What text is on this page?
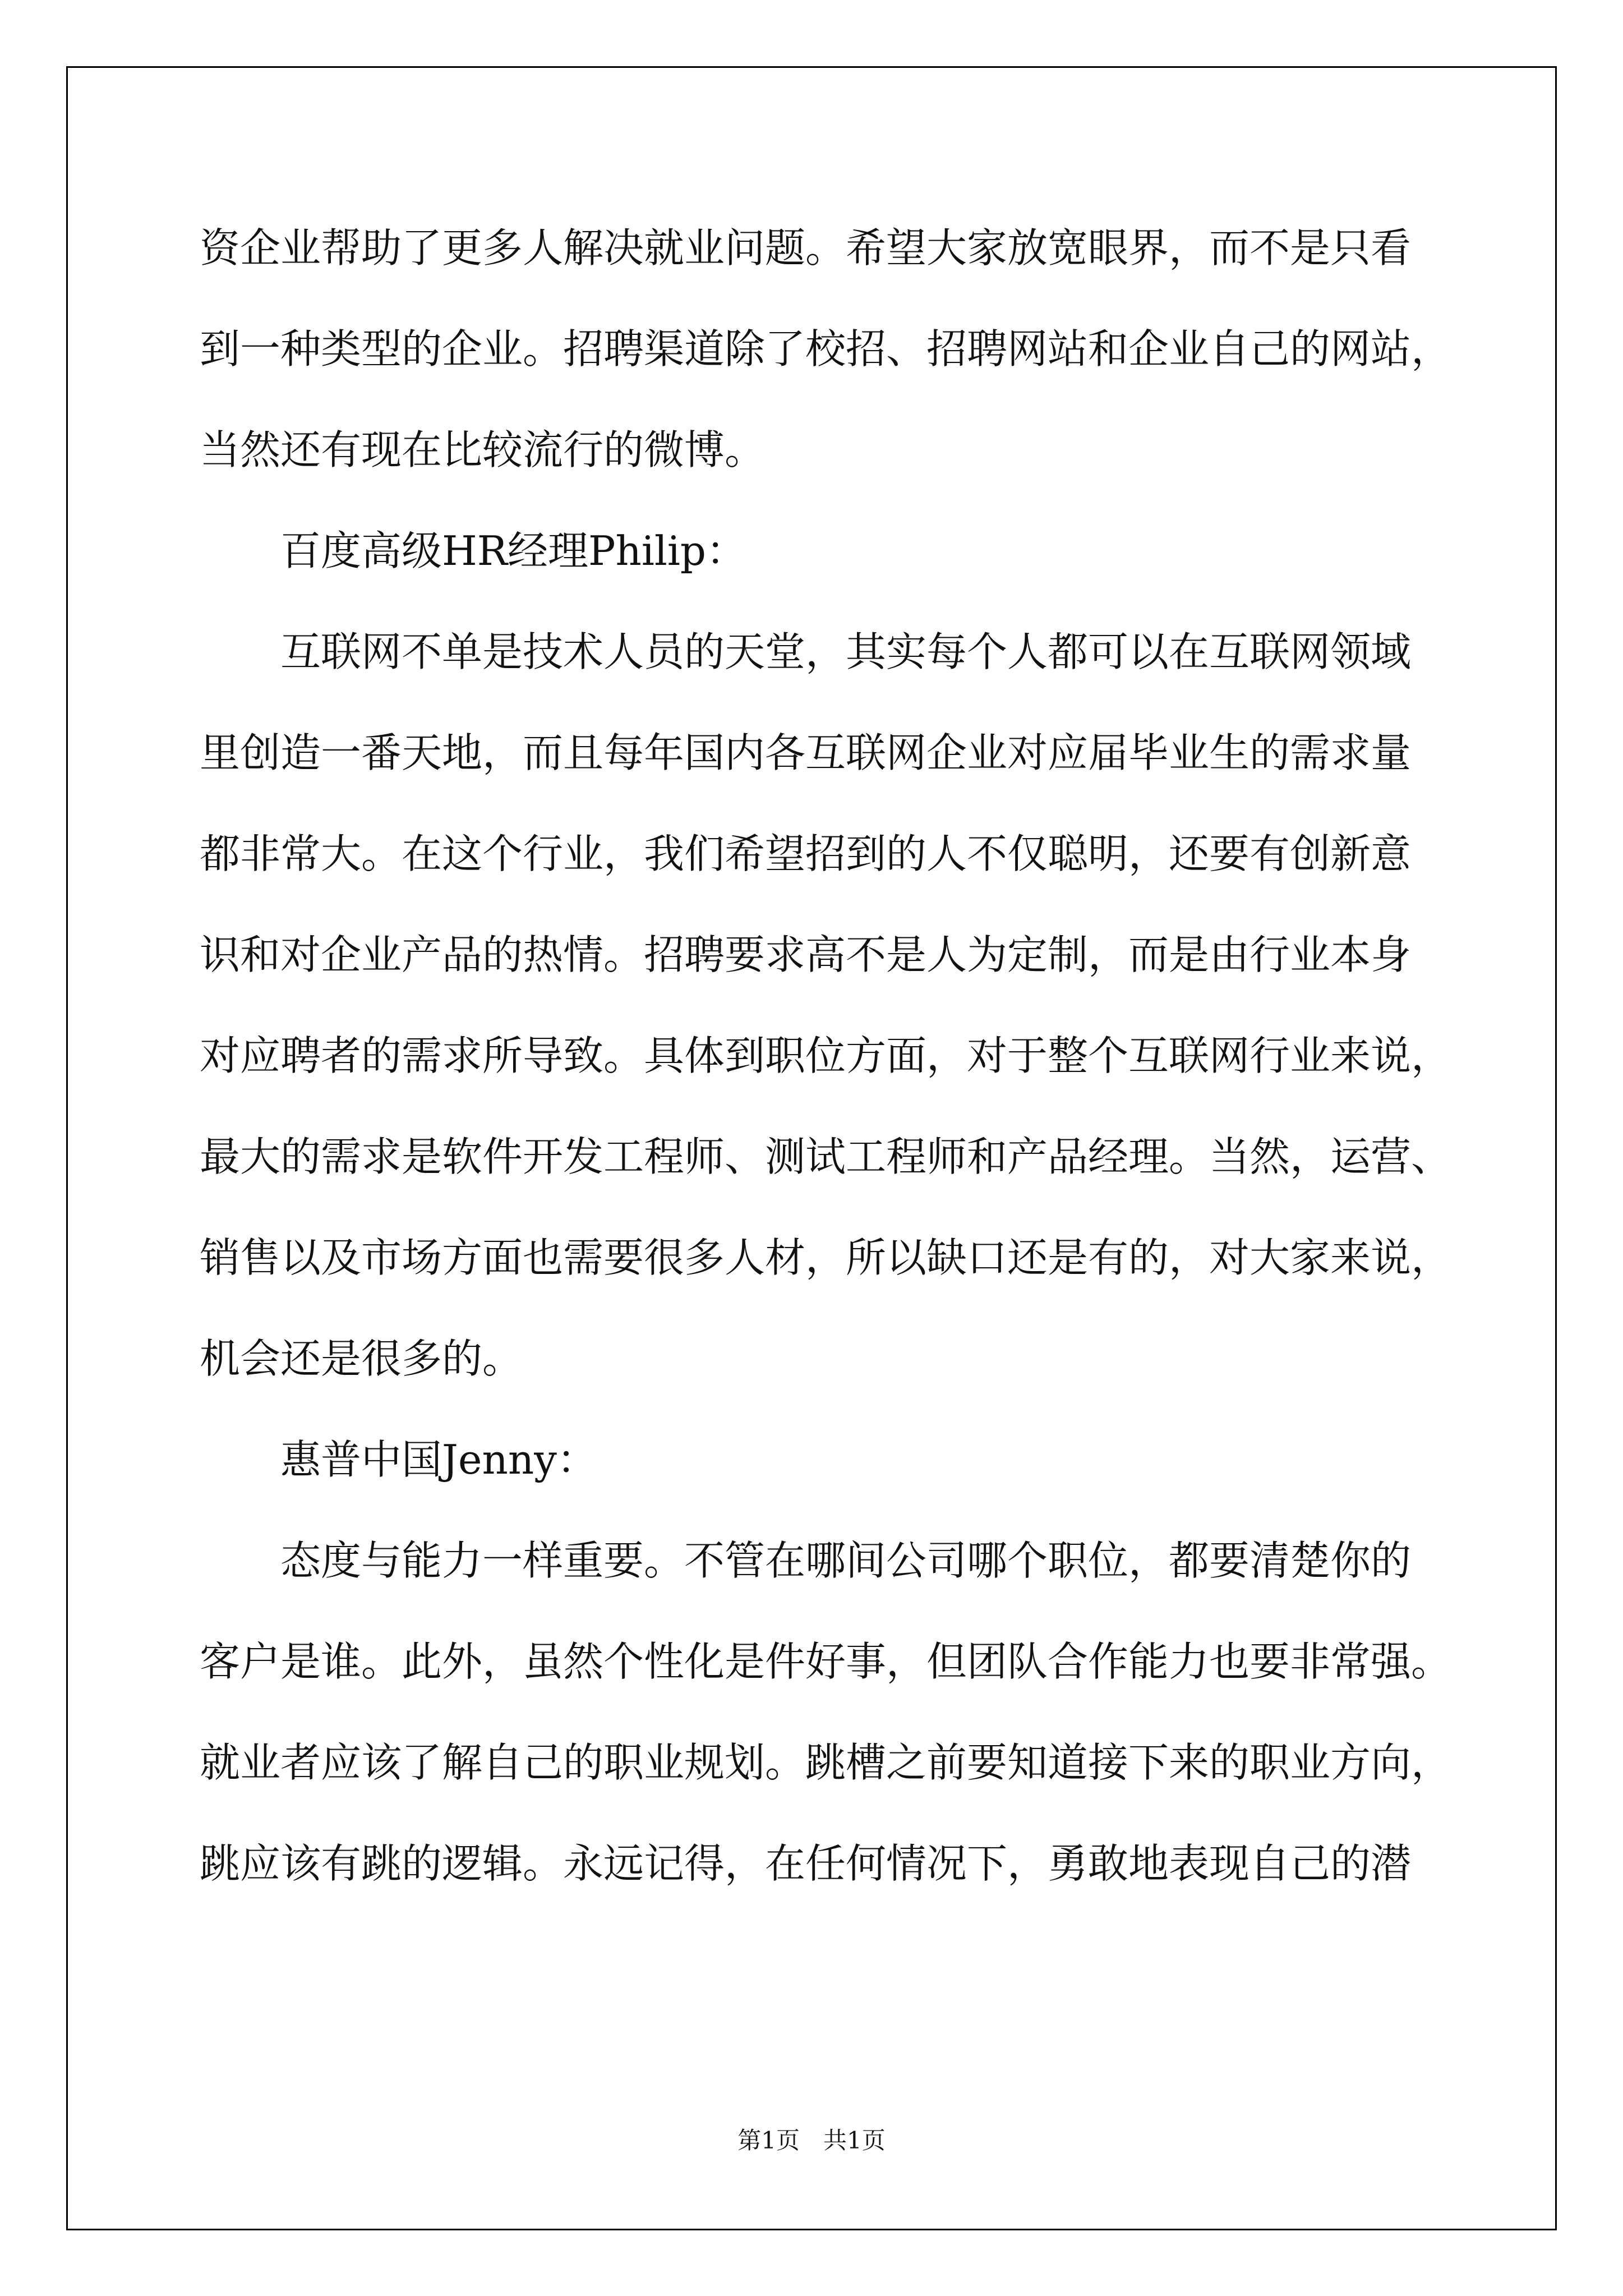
资企业帮助了更多人解决就业问题。希望大家放宽眼界，而不是只看

到一种类型的企业。招聘渠道除了校招、招聘网站和企业自己的网站，

当然还有现在比较流行的微博。

百度高级HR经理Philip：

互联网不单是技术人员的天堂，其实每个人都可以在互联网领域

里创造一番天地，而且每年国内各互联网企业对应届毕业生的需求量

都非常大。在这个行业，我们希望招到的人不仅聪明，还要有创新意

识和对企业产品的热情。招聘要求高不是人为定制，而是由行业本身

对应聘者的需求所导致。具体到职位方面，对于整个互联网行业来说，

最大的需求是软件开发工程师、测试工程师和产品经理。当然，运营、

销售以及市场方面也需要很多人材，所以缺口还是有的，对大家来说，

机会还是很多的。

惠普中国Jenny：

态度与能力一样重要。不管在哪间公司哪个职位，都要清楚你的

客户是谁。此外，虽然个性化是件好事，但团队合作能力也要非常强。

就业者应该了解自己的职业规划。跳槽之前要知道接下来的职业方向，

跳应该有跳的逻辑。永远记得，在任何情况下，勇敢地表现自己的潜

第1页　共1页
